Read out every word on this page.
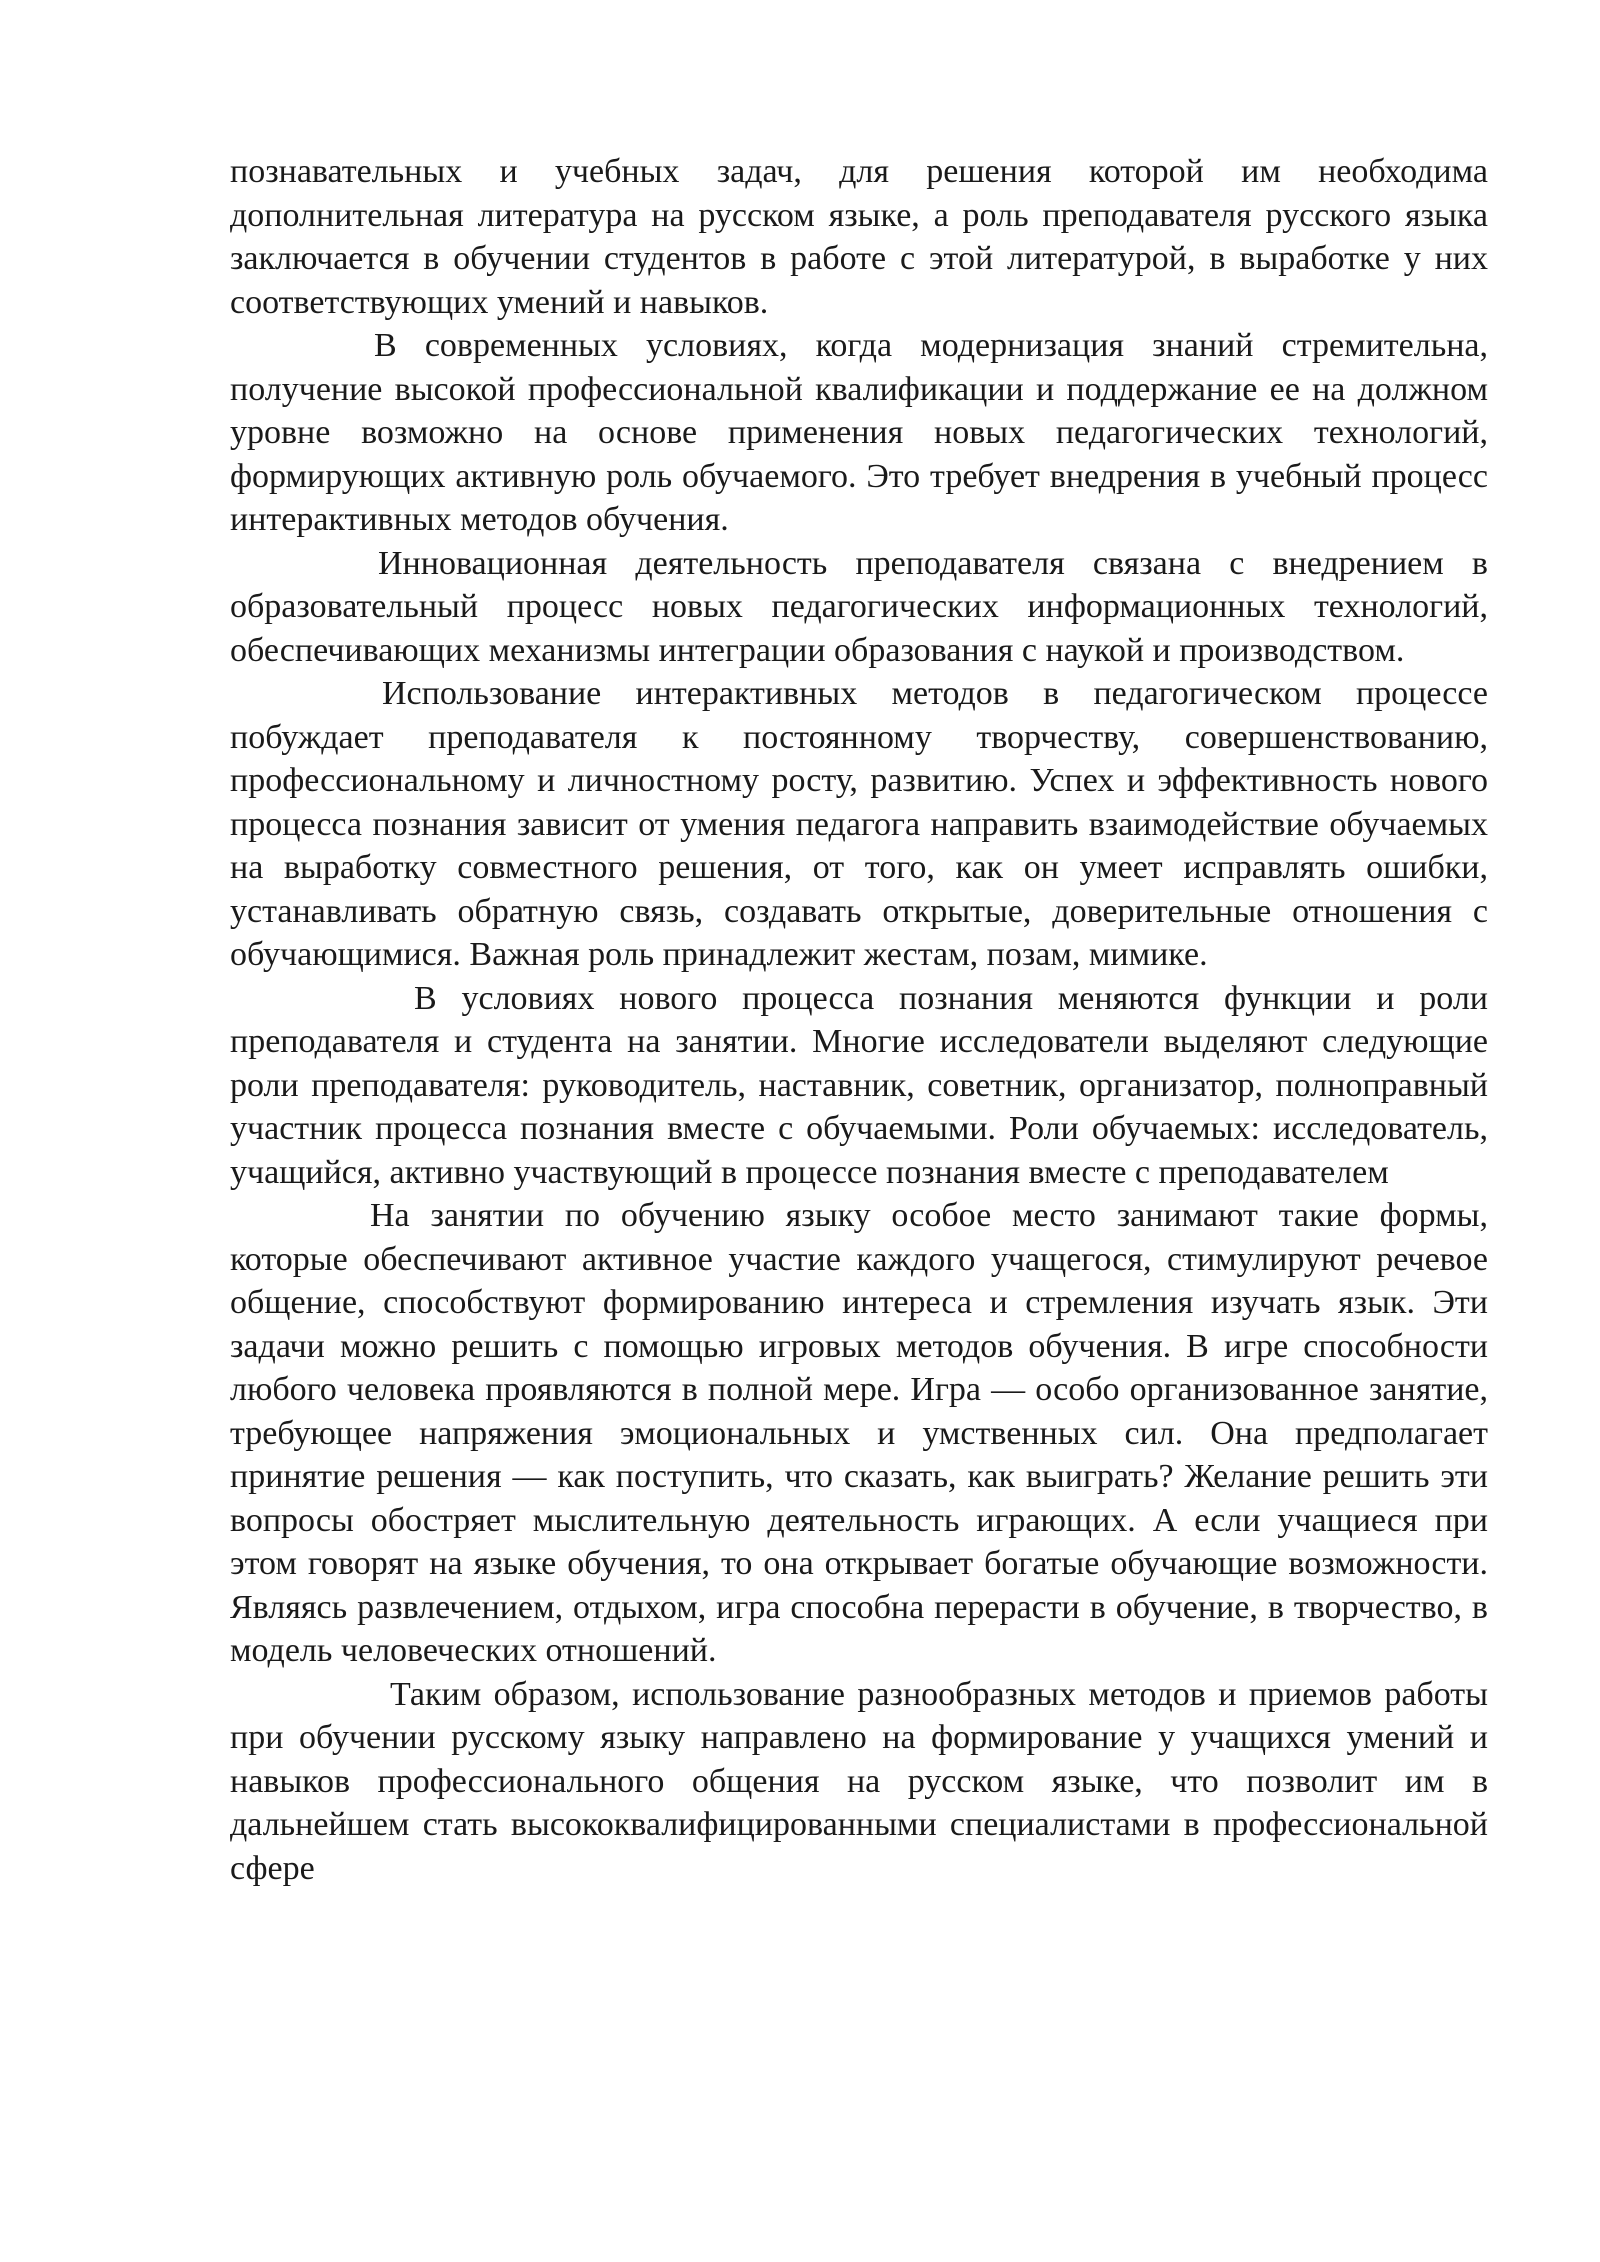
познавательных и учебных задач, для решения которой им необходима дополнительная литература на русском языке, а роль преподавателя русского языка заключается в обучении студентов в работе с этой литературой, в выработке у них соответствующих умений и навыков.

В современных условиях, когда модернизация знаний стремительна, получение высокой профессиональной квалификации и поддержание ее на должном уровне возможно на основе применения новых педагогических технологий, формирующих активную роль обучаемого. Это требует внедрения в учебный процесс интерактивных методов обучения.

Инновационная деятельность преподавателя связана с внедрением в образовательный процесс новых педагогических информационных технологий, обеспечивающих механизмы интеграции образования с наукой и производством.

Использование интерактивных методов в педагогическом процессе побуждает преподавателя к постоянному творчеству, совершенствованию, профессиональному и личностному росту, развитию. Успех и эффективность нового процесса познания зависит от умения педагога направить взаимодействие обучаемых на выработку совместного решения, от того, как он умеет исправлять ошибки, устанавливать обратную связь, создавать открытые, доверительные отношения с обучающимися. Важная роль принадлежит жестам, позам, мимике.

В условиях нового процесса познания меняются функции и роли преподавателя и студента на занятии. Многие исследователи выделяют следующие роли преподавателя: руководитель, наставник, советник, организатор, полноправный участник процесса познания вместе с обучаемыми. Роли обучаемых: исследователь, учащийся, активно участвующий в процессе познания вместе с преподавателем

На занятии по обучению языку особое место занимают такие формы, которые обеспечивают активное участие каждого учащегося, стимулируют речевое общение, способствуют формированию интереса и стремления изучать язык. Эти задачи можно решить с помощью игровых методов обучения. В игре способности любого человека проявляются в полной мере. Игра — особо организованное занятие, требующее напряжения эмоциональных и умственных сил. Она предполагает принятие решения — как поступить, что сказать, как выиграть? Желание решить эти вопросы обостряет мыслительную деятельность играющих. А если учащиеся при этом говорят на языке обучения, то она открывает богатые обучающие возможности. Являясь развлечением, отдыхом, игра способна перерасти в обучение, в творчество, в модель человеческих отношений.

Таким образом, использование разнообразных методов и приемов работы при обучении русскому языку направлено на формирование у учащихся умений и навыков профессионального общения на русском языке, что позволит им в дальнейшем стать высококвалифицированными специалистами в профессиональной сфере
